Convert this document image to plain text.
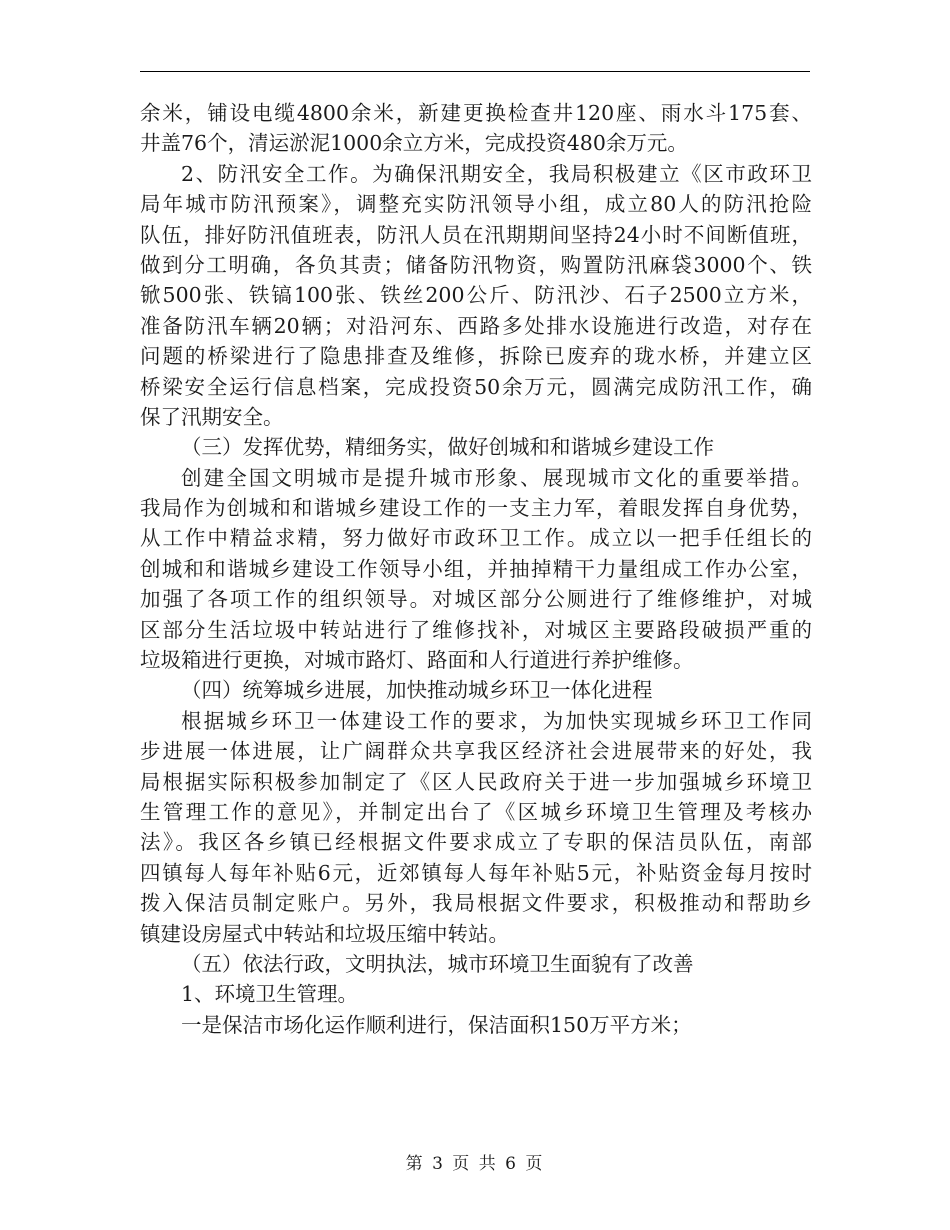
余米，铺设电缆4800余米，新建更换检查井120座、雨水斗175套、
井盖76个，清运淤泥1000余立方米，完成投资480余万元。
2、防汛安全工作。为确保汛期安全，我局积极建立《区市政环卫
局年城市防汛预案》，调整充实防汛领导小组，成立80人的防汛抢险
队伍，排好防汛值班表，防汛人员在汛期期间坚持24小时不间断值班，
做到分工明确，各负其责；储备防汛物资，购置防汛麻袋3000个、铁
锨500张、铁镐100张、铁丝200公斤、防汛沙、石子2500立方米，
准备防汛车辆20辆；对沿河东、西路多处排水设施进行改造，对存在
问题的桥梁进行了隐患排查及维修，拆除已废弃的珑水桥，并建立区
桥梁安全运行信息档案，完成投资50余万元，圆满完成防汛工作，确
保了汛期安全。
（三）发挥优势，精细务实，做好创城和和谐城乡建设工作
创建全国文明城市是提升城市形象、展现城市文化的重要举措。
我局作为创城和和谐城乡建设工作的一支主力军，着眼发挥自身优势，
从工作中精益求精，努力做好市政环卫工作。成立以一把手任组长的
创城和和谐城乡建设工作领导小组，并抽掉精干力量组成工作办公室，
加强了各项工作的组织领导。对城区部分公厕进行了维修维护，对城
区部分生活垃圾中转站进行了维修找补，对城区主要路段破损严重的
垃圾箱进行更换，对城市路灯、路面和人行道进行养护维修。
（四）统筹城乡进展，加快推动城乡环卫一体化进程
根据城乡环卫一体建设工作的要求，为加快实现城乡环卫工作同
步进展一体进展，让广阔群众共享我区经济社会进展带来的好处，我
局根据实际积极参加制定了《区人民政府关于进一步加强城乡环境卫
生管理工作的意见》，并制定出台了《区城乡环境卫生管理及考核办
法》。我区各乡镇已经根据文件要求成立了专职的保洁员队伍，南部
四镇每人每年补贴6元，近郊镇每人每年补贴5元，补贴资金每月按时
拨入保洁员制定账户。另外，我局根据文件要求，积极推动和帮助乡
镇建设房屋式中转站和垃圾压缩中转站。
（五）依法行政，文明执法，城市环境卫生面貌有了改善
1、环境卫生管理。
一是保洁市场化运作顺利进行，保洁面积150万平方米；
第 3 页 共 6 页
